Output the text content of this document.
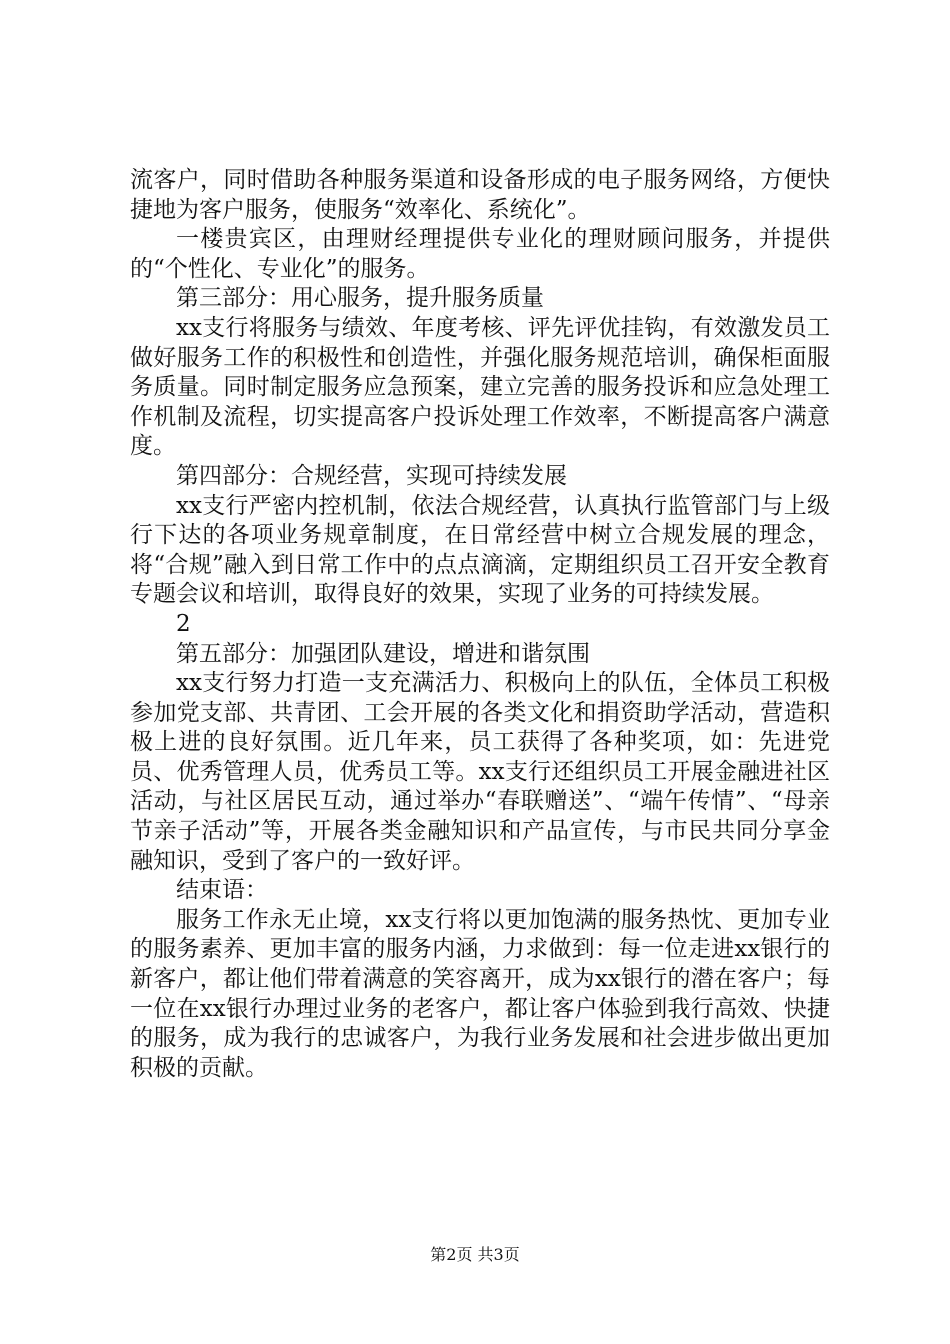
流客户，同时借助各种服务渠道和设备形成的电子服务网络，方便快捷地为客户服务，使服务“效率化、系统化”。

一楼贵宾区，由理财经理提供专业化的理财顾问服务，并提供的“个性化、专业化”的服务。

第三部分：用心服务，提升服务质量

xx支行将服务与绩效、年度考核、评先评优挂钩，有效激发员工做好服务工作的积极性和创造性，并强化服务规范培训，确保柜面服务质量。同时制定服务应急预案，建立完善的服务投诉和应急处理工作机制及流程，切实提高客户投诉处理工作效率，不断提高客户满意度。

第四部分：合规经营，实现可持续发展

xx支行严密内控机制，依法合规经营，认真执行监管部门与上级行下达的各项业务规章制度，在日常经营中树立合规发展的理念，将“合规”融入到日常工作中的点点滴滴，定期组织员工召开安全教育专题会议和培训，取得良好的效果，实现了业务的可持续发展。

2

第五部分：加强团队建设，增进和谐氛围

xx支行努力打造一支充满活力、积极向上的队伍，全体员工积极参加党支部、共青团、工会开展的各类文化和捐资助学活动，营造积极上进的良好氛围。近几年来，员工获得了各种奖项，如：先进党员、优秀管理人员，优秀员工等。xx支行还组织员工开展金融进社区活动，与社区居民互动，通过举办“春联赠送”、“端午传情”、“母亲节亲子活动”等，开展各类金融知识和产品宣传，与市民共同分享金融知识，受到了客户的一致好评。

结束语：

服务工作永无止境，xx支行将以更加饱满的服务热忱、更加专业的服务素养、更加丰富的服务内涵，力求做到：每一位走进xx银行的新客户，都让他们带着满意的笑容离开，成为xx银行的潜在客户；每一位在xx银行办理过业务的老客户，都让客户体验到我行高效、快捷的服务，成为我行的忠诚客户，为我行业务发展和社会进步做出更加积极的贡献。

第2页 共3页
